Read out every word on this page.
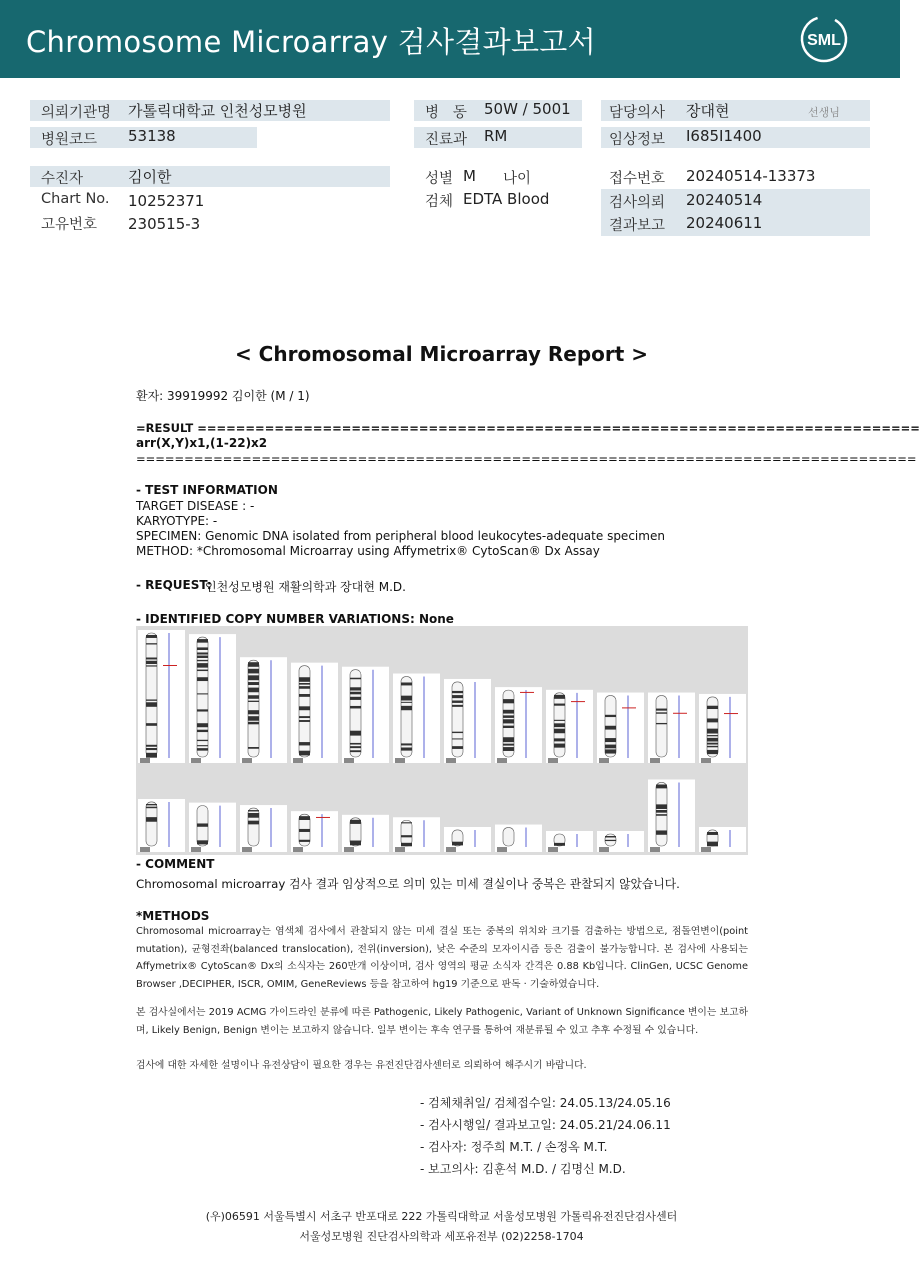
Chromosome Microarray 검사결과보고서	SML
의뢰기관명 가톨릭대학교 인천성모병원
병원코드 53138
병   동 50W / 5001
진료과 RM
담당의사 장대현	선생님
임상정보 I685I1400
수진자	김이한
Chart No. 10252371
고유번호 230515-3
성별 M 나이
검체 EDTA Blood
접수번호 20240514-13373
검사의뢰 20240514
결과보고 20240611
< Chromosomal Microarray Report >
환자: 39919992 김이한 (M / 1)
=RESULT ===========================================================================
arr(X,Y)x1,(1-22)x2
=================================================================================
- TEST INFORMATION
TARGET DISEASE : -
KARYOTYPE: -
SPECIMEN: Genomic DNA isolated from peripheral blood leukocytes-adequate specimen
METHOD: *Chromosomal Microarray using Affymetrix® CytoScan® Dx Assay
- REQUEST:
인천성모병원 재활의학과 장대현 M.D.
- IDENTIFIED COPY NUMBER VARIATIONS: None
- COMMENT
Chromosomal microarray 검사 결과 임상적으로 의미 있는 미세 결실이나 중복은 관찰되지 않았습니다.
*METHODS
Chromosomal microarray는 염색체 검사에서 관찰되지 않는 미세 결실 또는 중복의 위치와 크기를 검출하는 방법으로, 점돌연변이(point mutation), 균형전좌(balanced translocation), 전위(inversion), 낮은 수준의 모자이시즘 등은 검출이 불가능합니다. 본 검사에 사용되는 Affymetrix® CytoScan® Dx의 소식자는 260만개 이상이며, 검사 영역의 평균 소식자 간격은 0.88 Kb입니다. ClinGen, UCSC Genome Browser ,DECIPHER, ISCR, OMIM, GeneReviews 등을 참고하여 hg19 기준으로 판독 · 기술하였습니다.
본 검사실에서는 2019 ACMG 가이드라인 분류에 따른 Pathogenic, Likely Pathogenic, Variant of Unknown Significance 변이는 보고하며, Likely Benign, Benign 변이는 보고하지 않습니다. 일부 변이는 후속 연구를 통하여 재분류될 수 있고 추후 수정될 수 있습니다.
검사에 대한 자세한 설명이나 유전상담이 필요한 경우는 유전진단검사센터로 의뢰하여 해주시기 바랍니다.
- 검체채취일/ 검체접수일: 24.05.13/24.05.16
- 검사시행일/ 결과보고일: 24.05.21/24.06.11
- 검사자: 정주희 M.T. / 손정옥 M.T.
- 보고의사: 김훈석 M.D. / 김명신 M.D.
(우)06591 서울특별시 서초구 반포대로 222 가톨릭대학교 서울성모병원 가톨릭유전진단검사센터
서울성모병원 진단검사의학과 세포유전부 (02)2258-1704
